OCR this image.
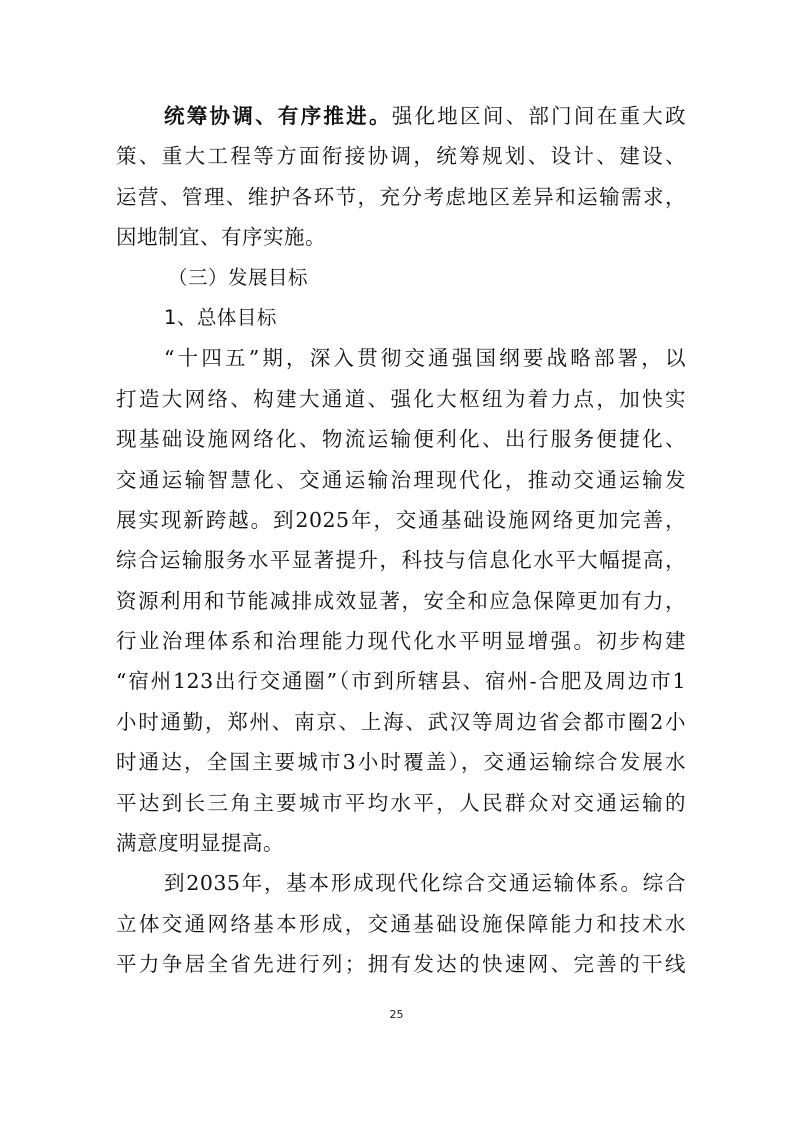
统筹协调、有序推进。强化地区间、部门间在重大政
策、重大工程等方面衔接协调，统筹规划、设计、建设、
运营、管理、维护各环节，充分考虑地区差异和运输需求，
因地制宜、有序实施。
（三）发展目标
1、总体目标
“十四五”期，深入贯彻交通强国纲要战略部署，以
打造大网络、构建大通道、强化大枢纽为着力点，加快实
现基础设施网络化、物流运输便利化、出行服务便捷化、
交通运输智慧化、交通运输治理现代化，推动交通运输发
展实现新跨越。到2025年，交通基础设施网络更加完善，
综合运输服务水平显著提升，科技与信息化水平大幅提高，
资源利用和节能减排成效显著，安全和应急保障更加有力，
行业治理体系和治理能力现代化水平明显增强。初步构建
“宿州123出行交通圈”（市到所辖县、宿州-合肥及周边市1
小时通勤，郑州、南京、上海、武汉等周边省会都市圈2小
时通达，全国主要城市3小时覆盖），交通运输综合发展水
平达到长三角主要城市平均水平，人民群众对交通运输的
满意度明显提高。
到2035年，基本形成现代化综合交通运输体系。综合
立体交通网络基本形成，交通基础设施保障能力和技术水
平力争居全省先进行列；拥有发达的快速网、完善的干线
25
